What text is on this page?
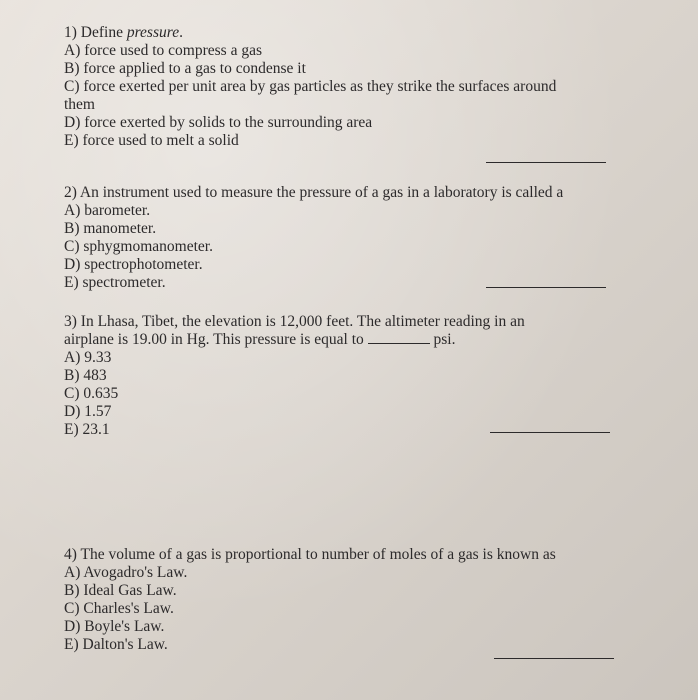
1) Define pressure.

A) force used to compress a gas
B) force applied to a gas to condense it
C) force exerted per unit area by gas particles as they strike the surfaces around them
D) force exerted by solids to the surrounding area
E) force used to melt a solid

2) An instrument used to measure the pressure of a gas in a laboratory is called a

A) barometer.
B) manometer.
C) sphygmomanometer.
D) spectrophotometer.
E) spectrometer.

3) In Lhasa, Tibet, the elevation is 12,000 feet. The altimeter reading in an

airplane is 19.00 in Hg. This pressure is equal to	psi.

A) 9.33
B) 483
C) 0.635
D) 1.57
E) 23.1

4) The volume of a gas is proportional to number of moles of a gas is known as

A) Avogadro's Law.
B) Ideal Gas Law.
C) Charles's Law.
D) Boyle's Law.
E) Dalton's Law.
